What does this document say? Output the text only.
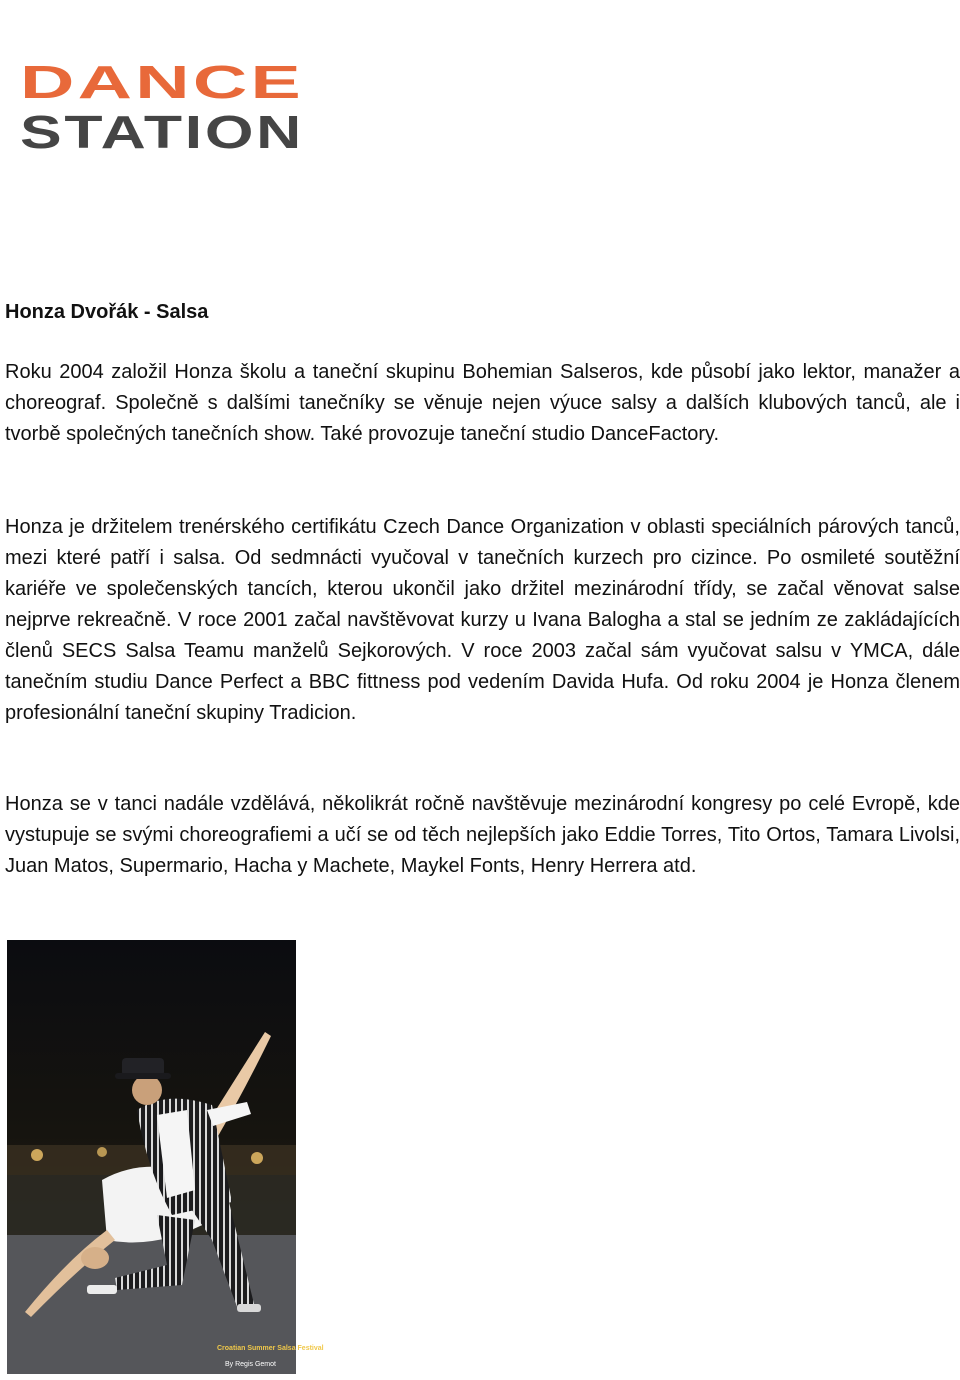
DANCE
STATION
Honza Dvořák - Salsa

Roku 2004 založil Honza školu a taneční skupinu Bohemian Salseros, kde působí jako lektor, manažer a choreograf. Společně s dalšími tanečníky se věnuje nejen výuce salsy a dalších klubových tanců, ale i tvorbě společných tanečních show. Také provozuje taneční studio DanceFactory.

Honza je držitelem trenérského certifikátu Czech Dance Organization v oblasti speciálních párových tanců, mezi které patří i salsa. Od sedmnácti vyučoval v tanečních kurzech pro cizince. Po osmileté soutěžní kariéře ve společenských tancích, kterou ukončil jako držitel mezinárodní třídy, se začal věnovat salse nejprve rekreačně. V roce 2001 začal navštěvovat kurzy u Ivana Balogha a stal se jedním ze zakládajících členů SECS Salsa Teamu manželů Sejkorových. V roce 2003 začal sám vyučovat salsu v YMCA, dále tanečním studiu Dance Perfect a BBC fittness pod vedením Davida Hufa. Od roku 2004 je Honza členem profesionální taneční skupiny Tradicion.

Honza se v tanci nadále vzdělává, několikrát ročně navštěvuje mezinárodní kongresy po celé Evropě, kde vystupuje se svými choreografiemi a učí se od těch nejlepších jako Eddie Torres, Tito Ortos, Tamara Livolsi, Juan Matos, Supermario, Hacha y Machete, Maykel Fonts, Henry Herrera atd.

Croatian Summer Salsa Festival
By Regis Gemot
